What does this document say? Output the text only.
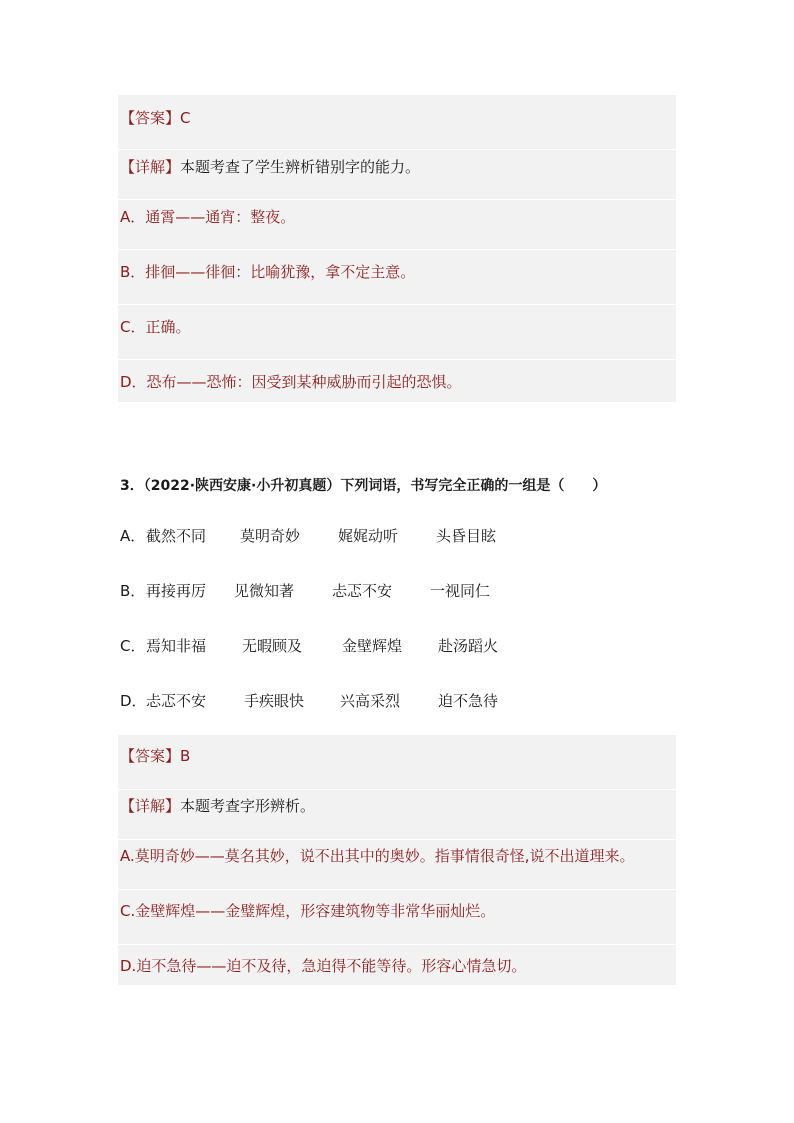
【答案】C
【详解】本题考查了学生辨析错别字的能力。
A．通霄——通宵：整夜。
B．排徊——徘徊：比喻犹豫，拿不定主意。
C．正确。
D．恐布——恐怖：因受到某种威胁而引起的恐惧。
3．（2022·陕西安康·小升初真题）下列词语，书写完全正确的一组是（　　）
A．截然不同 莫明奇妙	娓娓动听	头昏目眩
B．再接再厉 见微知著	忐忑不安	一视同仁
C．焉知非福 无暇顾及	金壁辉煌 赴汤蹈火
D．忐忑不安	手疾眼快 兴高采烈	迫不急待
【答案】B
【详解】本题考查字形辨析。
A.莫明奇妙——莫名其妙，说不出其中的奥妙。指事情很奇怪,说不出道理来。
C.金壁辉煌——金璧辉煌，形容建筑物等非常华丽灿烂。
D.迫不急待——迫不及待，急迫得不能等待。形容心情急切。
